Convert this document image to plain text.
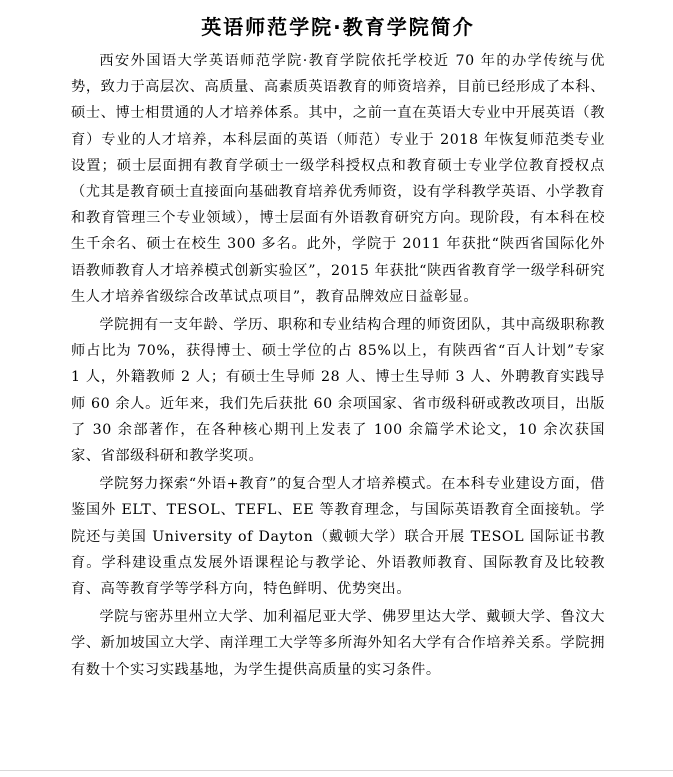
英语师范学院·教育学院简介

西安外国语大学英语师范学院·教育学院依托学校近 70 年的办学传统与优势，致力于高层次、高质量、高素质英语教育的师资培养，目前已经形成了本科、硕士、博士相贯通的人才培养体系。其中，之前一直在英语大专业中开展英语（教育）专业的人才培养，本科层面的英语（师范）专业于 2018 年恢复师范类专业设置；硕士层面拥有教育学硕士一级学科授权点和教育硕士专业学位教育授权点（尤其是教育硕士直接面向基础教育培养优秀师资，设有学科教学英语、小学教育和教育管理三个专业领域），博士层面有外语教育研究方向。现阶段，有本科在校生千余名、硕士在校生 300 多名。此外，学院于 2011 年获批“陕西省国际化外语教师教育人才培养模式创新实验区”，2015 年获批“陕西省教育学一级学科研究生人才培养省级综合改革试点项目”，教育品牌效应日益彰显。

学院拥有一支年龄、学历、职称和专业结构合理的师资团队，其中高级职称教师占比为 70%，获得博士、硕士学位的占 85%以上，有陕西省“百人计划”专家 1 人，外籍教师 2 人；有硕士生导师 28 人、博士生导师 3 人、外聘教育实践导师 60 余人。近年来，我们先后获批 60 余项国家、省市级科研或教改项目，出版了 30 余部著作，在各种核心期刊上发表了 100 余篇学术论文，10 余次获国家、省部级科研和教学奖项。

学院努力探索“外语+教育”的复合型人才培养模式。在本科专业建设方面，借鉴国外 ELT、TESOL、TEFL、EE 等教育理念，与国际英语教育全面接轨。学院还与美国 University of Dayton（戴顿大学）联合开展 TESOL 国际证书教育。学科建设重点发展外语课程论与教学论、外语教师教育、国际教育及比较教育、高等教育学等学科方向，特色鲜明、优势突出。

学院与密苏里州立大学、加利福尼亚大学、佛罗里达大学、戴顿大学、鲁汶大学、新加坡国立大学、南洋理工大学等多所海外知名大学有合作培养关系。学院拥有数十个实习实践基地，为学生提供高质量的实习条件。
